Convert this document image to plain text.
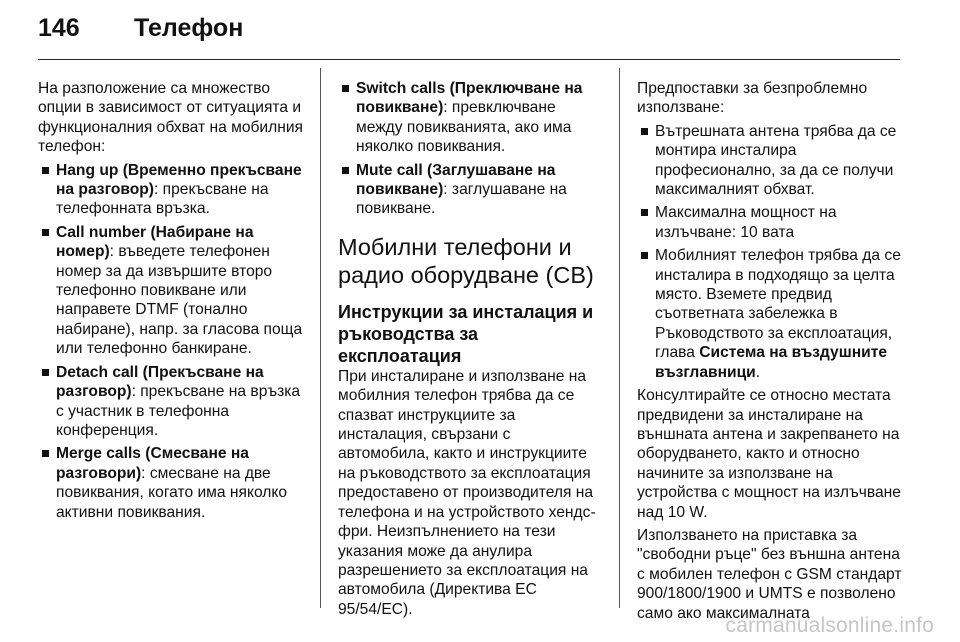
146	Телефон

На разположение са множество опции в зависимост от ситуацията и функционалния обхват на мобилния телефон:

Hang up (Временно прекъсване на разговор): прекъсване на телефонната връзка.
Call number (Набиране на номер): въведете телефонен номер за да извършите второ телефонно повикване или направете DTMF (тонално набиране), напр. за гласова поща или телефонно банкиране.
Detach call (Прекъсване на разговор): прекъсване на връзка с участник в телефонна конференция.
Merge calls (Смесване на разговори): смесване на две повиквания, когато има няколко активни повиквания.
Switch calls (Преключване на повикване): превключване между повикванията, ако има няколко повиквания.
Mute call (Заглушаване на повикване): заглушаване на повикване.
Мобилни телефони и радио оборудване (CB)
Инструкции за инсталация и ръководства за експлоатация

При инсталиране и използване на мобилния телефон трябва да се спазват инструкциите за инсталация, свързани с автомобила, както и инструкциите на ръководството за експлоатация предоставено от производителя на телефона и на устройството хендс-фри. Неизпълнението на тези указания може да анулира разрешението за експлоатация на автомобила (Директива EC 95/54/EC).

Предпоставки за безпроблемно използване:

Вътрешната антена трябва да се монтира инсталира професионално, за да се получи максималният обхват.
Максимална мощност на излъчване: 10 вата
Мобилният телефон трябва да се инсталира в подходящо за целта място. Вземете предвид съответната забележка в Ръководството за експлоатация, глава Система на въздушните възглавници.

Консултирайте се относно местата предвидени за инсталиране на външната антена и закрепването на оборудването, както и относно начините за използване на устройства с мощност на излъчване над 10 W.

Използването на приставка за "свободни ръце" без външна антена с мобилен телефон с GSM стандарт 900/1800/1900 и UMTS е позволено само ако максималната

carmanualsonline.info
